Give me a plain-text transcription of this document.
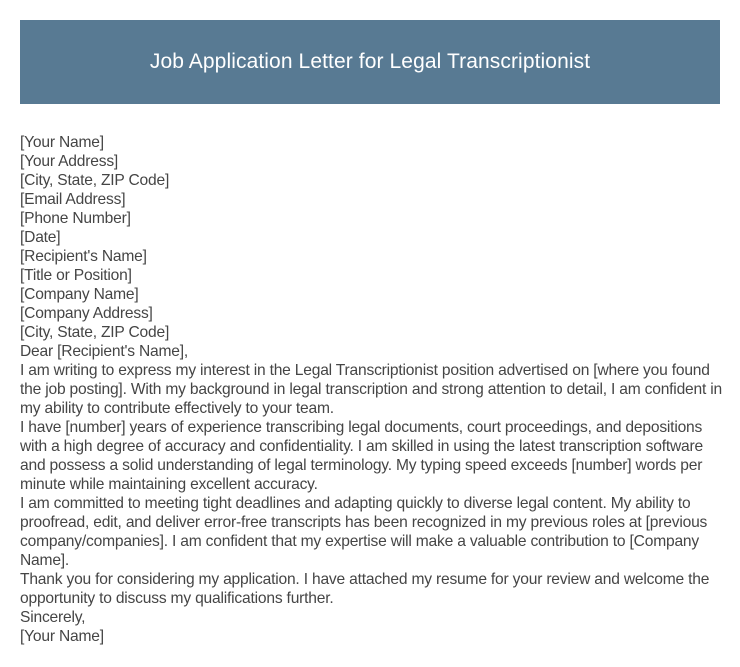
Job Application Letter for Legal Transcriptionist
[Your Name]
[Your Address]
[City, State, ZIP Code]
[Email Address]
[Phone Number]
[Date]
[Recipient's Name]
[Title or Position]
[Company Name]
[Company Address]
[City, State, ZIP Code]
Dear [Recipient's Name],

I am writing to express my interest in the Legal Transcriptionist position advertised on [where you found the job posting]. With my background in legal transcription and strong attention to detail, I am confident in my ability to contribute effectively to your team.

I have [number] years of experience transcribing legal documents, court proceedings, and depositions with a high degree of accuracy and confidentiality. I am skilled in using the latest transcription software and possess a solid understanding of legal terminology. My typing speed exceeds [number] words per minute while maintaining excellent accuracy.

I am committed to meeting tight deadlines and adapting quickly to diverse legal content. My ability to proofread, edit, and deliver error-free transcripts has been recognized in my previous roles at [previous company/companies]. I am confident that my expertise will make a valuable contribution to [Company Name].

Thank you for considering my application. I have attached my resume for your review and welcome the opportunity to discuss my qualifications further.

Sincerely,
[Your Name]
